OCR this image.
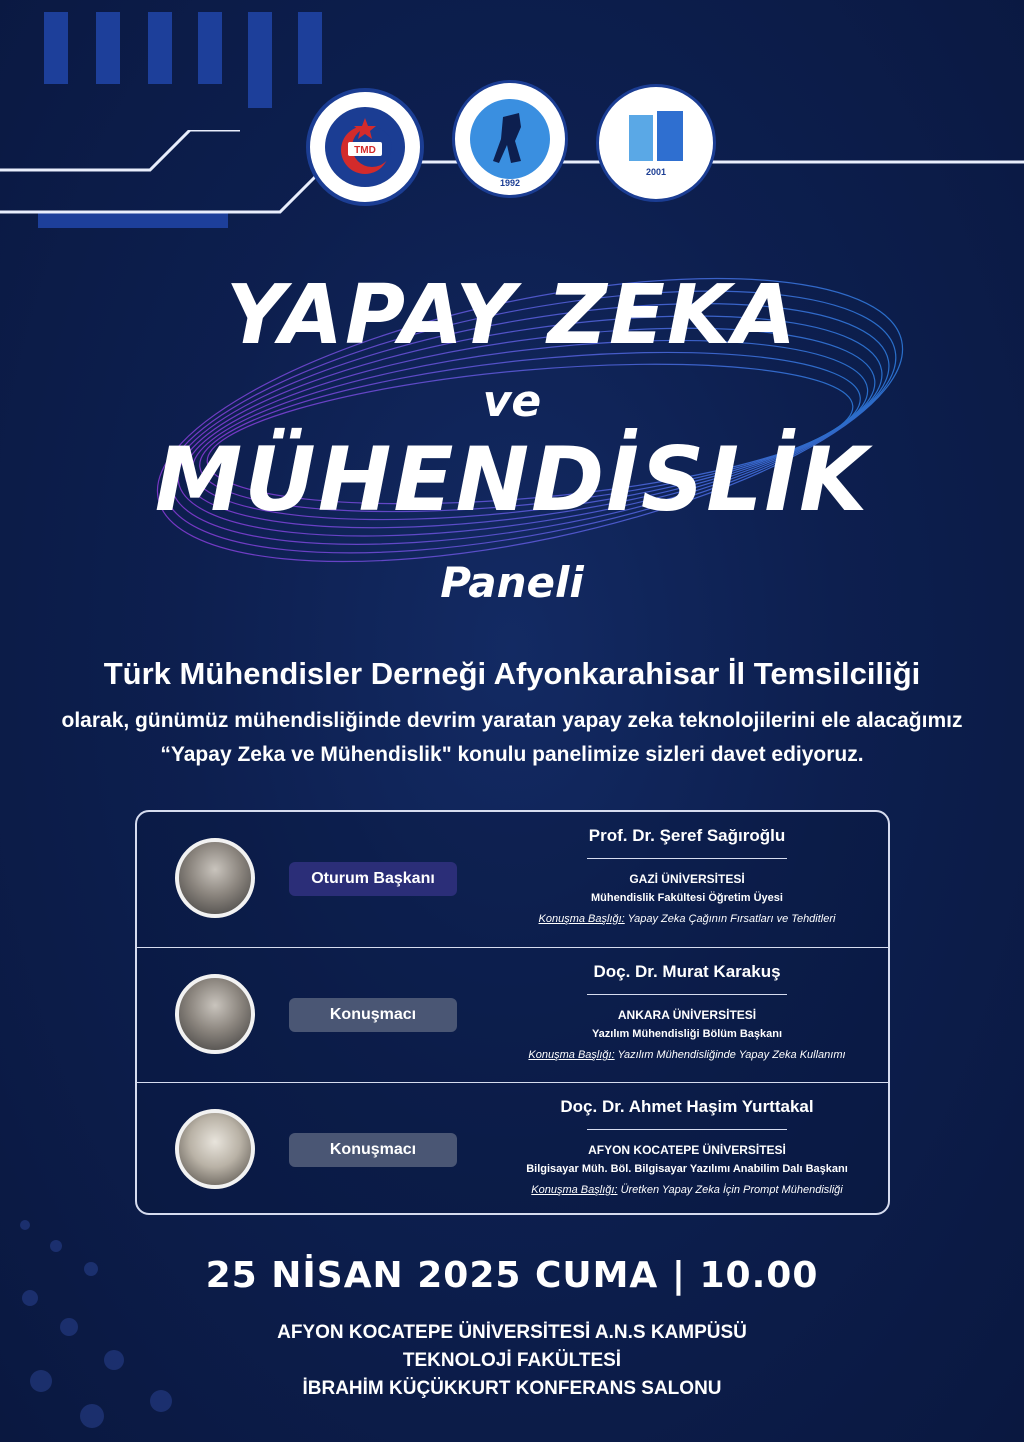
TMD
1992
2001
YAPAY ZEKA
ve
MÜHENDİSLİK
Paneli
Türk Mühendisler Derneği Afyonkarahisar İl Temsilciliği
olarak, günümüz mühendisliğinde devrim yaratan yapay zeka teknolojilerini ele alacağımız “Yapay Zeka ve Mühendislik" konulu panelimize sizleri davet ediyoruz.
Oturum Başkanı
Prof. Dr. Şeref Sağıroğlu
GAZİ ÜNİVERSİTESİ
Mühendislik Fakültesi Öğretim Üyesi
Konuşma Başlığı: Yapay Zeka Çağının Fırsatları ve Tehditleri
Konuşmacı
Doç. Dr. Murat Karakuş
ANKARA ÜNİVERSİTESİ
Yazılım Mühendisliği Bölüm Başkanı
Konuşma Başlığı: Yazılım Mühendisliğinde Yapay Zeka Kullanımı
Konuşmacı
Doç. Dr. Ahmet Haşim Yurttakal
AFYON KOCATEPE ÜNİVERSİTESİ
Bilgisayar Müh. Böl. Bilgisayar Yazılımı Anabilim Dalı Başkanı
Konuşma Başlığı: Üretken Yapay Zeka İçin Prompt Mühendisliği
25 NİSAN 2025 CUMA | 10.00
AFYON KOCATEPE ÜNİVERSİTESİ A.N.S KAMPÜSÜ
TEKNOLOJİ FAKÜLTESİ
İBRAHİM KÜÇÜKKURT KONFERANS SALONU
